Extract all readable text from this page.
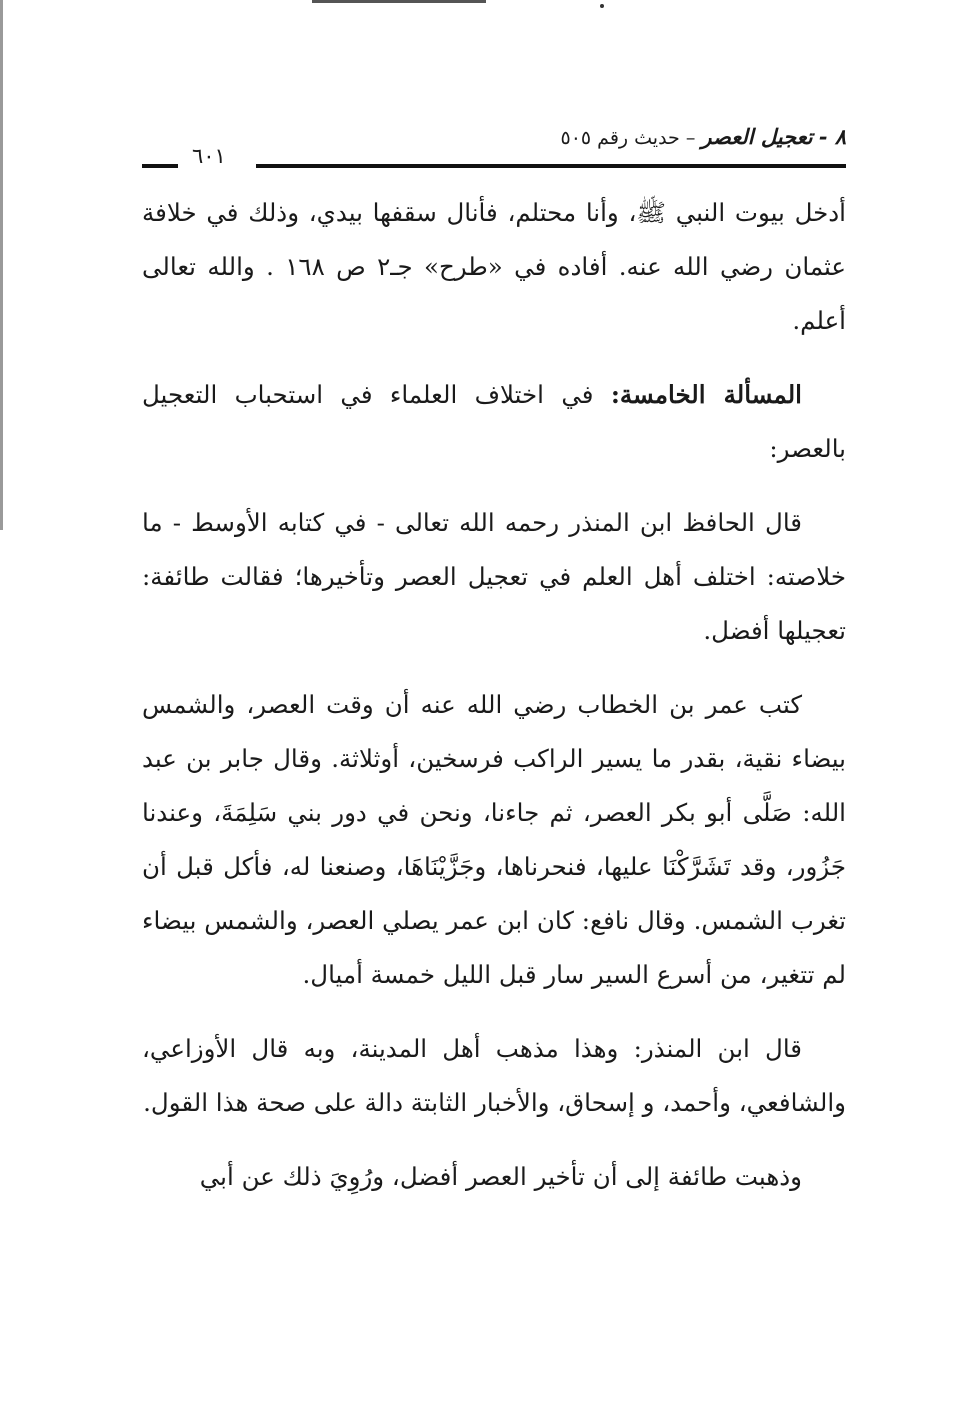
٨ - تعجيل العصر – حديث رقم ٥٠٥
٦٠١

أدخل بيوت النبي ﷺ، وأنا محتلم، فأنال سقفها بيدي، وذلك في خلافة عثمان رضي الله عنه. أفاده في «طرح» جـ٢ ص ١٦٨ . والله تعالى أعلم.

المسألة الخامسة: في اختلاف العلماء في استحباب التعجيل بالعصر:

قال الحافظ ابن المنذر رحمه الله تعالى - في كتابه الأوسط - ما خلاصته: اختلف أهل العلم في تعجيل العصر وتأخيرها؛ فقالت طائفة: تعجيلها أفضل.

كتب عمر بن الخطاب رضي الله عنه أن وقت العصر، والشمس بيضاء نقية، بقدر ما يسير الراكب فرسخين، أوثلاثة. وقال جابر بن عبد الله: صَلَّى أبو بكر العصر، ثم جاءنا، ونحن في دور بني سَلِمَةَ، وعندنا جَزُور، وقد تَشَرَّكْنَا عليها، فنحرناها، وجَزَّيْنَاهَا، وصنعنا له، فأكل قبل أن تغرب الشمس. وقال نافع: كان ابن عمر يصلي العصر، والشمس بيضاء لم تتغير، من أسرع السير سار قبل الليل خمسة أميال.

قال ابن المنذر: وهذا مذهب أهل المدينة، وبه قال الأوزاعي، والشافعي، وأحمد، و إسحاق، والأخبار الثابتة دالة على صحة هذا القول.

وذهبت طائفة إلى أن تأخير العصر أفضل، ورُوِيَ ذلك عن أبي
